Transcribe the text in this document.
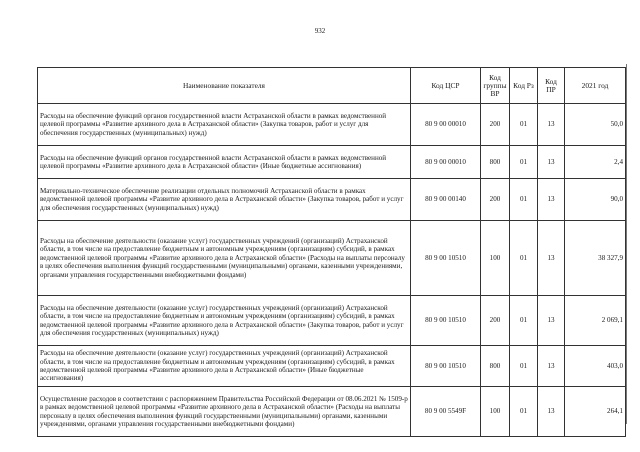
932
Наименование показателя	Код ЦСР	Код группы ВР	Код Рз	Код ПР	2021 год
Расходы на обеспечение функций органов государственной власти Астраханской области в рамках ведомственной целевой программы «Развитие архивного дела в Астраханской области» (Закупка товаров, работ и услуг для обеспечения государственных (муниципальных) нужд)	80 9 00 00010	200	01	13	50,0
Расходы на обеспечение функций органов государственной власти Астраханской области в рамках ведомственной целевой программы «Развитие архивного дела в Астраханской области» (Иные бюджетные ассигнования)	80 9 00 00010	800	01	13	2,4
Материально-техническое обеспечение реализации отдельных полномочий Астраханской области в рамках ведомственной целевой программы «Развитие архивного дела в Астраханской области» (Закупка товаров, работ и услуг для обеспечения государственных (муниципальных) нужд)	80 9 00 00140	200	01	13	90,0
Расходы на обеспечение деятельности (оказание услуг) государственных учреждений (организаций) Астраханской области, в том числе на предоставление бюджетным и автономным учреждениям (организациям) субсидий, в рамках ведомственной целевой программы «Развитие архивного дела в Астраханской области» (Расходы на выплаты персоналу в целях обеспечения выполнения функций государственными (муниципальными) органами, казенными учреждениями, органами управления государственными внебюджетными фондами)	80 9 00 10510	100	01	13	38 327,9
Расходы на обеспечение деятельности (оказание услуг) государственных учреждений (организаций) Астраханской области, в том числе на предоставление бюджетным и автономным учреждениям (организациям) субсидий, в рамках ведомственной целевой программы «Развитие архивного дела в Астраханской области» (Закупка товаров, работ и услуг для обеспечения государственных (муниципальных) нужд)	80 9 00 10510	200	01	13	2 069,1
Расходы на обеспечение деятельности (оказание услуг) государственных учреждений (организаций) Астраханской области, в том числе на предоставление бюджетным и автономным учреждениям (организациям) субсидий, в рамках ведомственной целевой программы «Развитие архивного дела в Астраханской области» (Иные бюджетные ассигнования)	80 9 00 10510	800	01	13	403,0
Осуществление расходов в соответствии с распоряжением Правительства Российской Федерации от 08.06.2021 № 1509-р в рамках ведомственной целевой программы «Развитие архивного дела в Астраханской области» (Расходы на выплаты персоналу в целях обеспечения выполнения функций государственными (муниципальными) органами, казенными учреждениями, органами управления государственными внебюджетными фондами)	80 9 00 5549F	100	01	13	264,1
